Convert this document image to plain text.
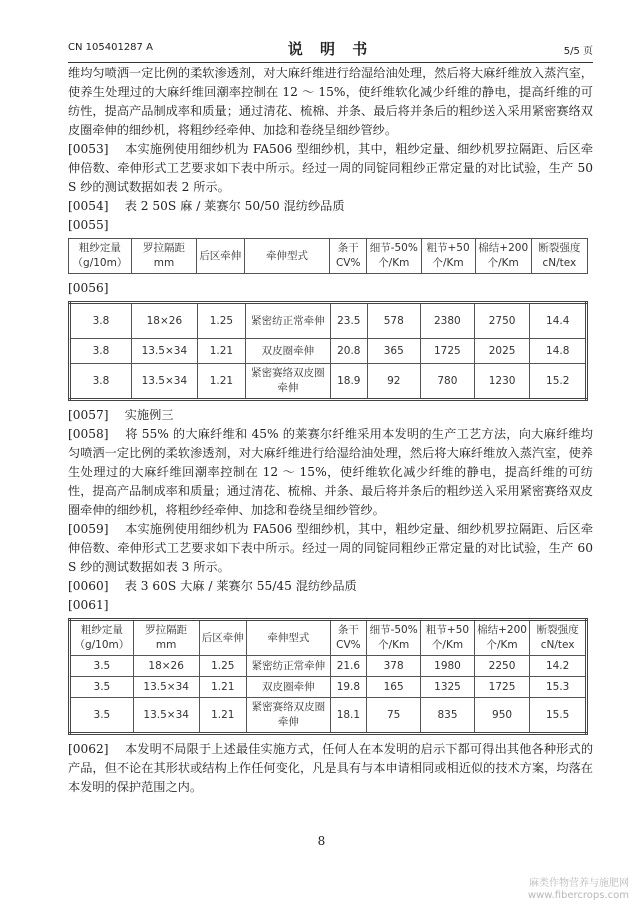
CN 105401287 A	说 明 书	5/5 页

维均匀喷洒一定比例的柔软渗透剂，对大麻纤维进行给湿给油处理，然后将大麻纤维放入蒸汽室，使养生处理过的大麻纤维回潮率控制在 12 ～ 15%，使纤维软化减少纤维的静电，提高纤维的可纺性，提高产品制成率和质量；通过清花、梳棉、并条、最后将并条后的粗纱送入采用紧密赛络双皮圈牵伸的细纱机，将粗纱经牵伸、加捻和卷绕呈细纱管纱。

[0053]　 本实施例使用细纱机为 FA506 型细纱机，其中，粗纱定量、细纱机罗拉隔距、后区牵伸倍数、牵伸形式工艺要求如下表中所示。经过一周的同锭同粗纱正常定量的对比试验，生产 50S 纱的测试数据如表 2 所示。

[0054]　 表 2 50S 麻 / 莱赛尔 50/50 混纺纱品质

[0055]

粗纱定量（g/10m）	罗拉隔距mm	后区牵伸	牵伸型式	条干CV%	细节-50%个/Km	粗节+50个/Km	棉结+200个/Km	断裂强度cN/tex

[0056]

3.8	18×26	1.25	紧密纺正常牵伸	23.5	578	2380	2750	14.4
3.8	13.5×34	1.21	双皮圈牵伸	20.8	365	1725	2025	14.8
3.8	13.5×34	1.21	紧密赛络双皮圈牵伸	18.9	92	780	1230	15.2

[0057]　 实施例三

[0058]　 将 55% 的大麻纤维和 45% 的莱赛尔纤维采用本发明的生产工艺方法，向大麻纤维均匀喷洒一定比例的柔软渗透剂，对大麻纤维进行给湿给油处理，然后将大麻纤维放入蒸汽室，使养生处理过的大麻纤维回潮率控制在 12 ～ 15%，使纤维软化减少纤维的静电，提高纤维的可纺性，提高产品制成率和质量；通过清花、梳棉、并条、最后将并条后的粗纱送入采用紧密赛络双皮圈牵伸的细纱机，将粗纱经牵伸、加捻和卷绕呈细纱管纱。

[0059]　 本实施例使用细纱机为 FA506 型细纱机，其中，粗纱定量、细纱机罗拉隔距、后区牵伸倍数、牵伸形式工艺要求如下表中所示。经过一周的同锭同粗纱正常定量的对比试验，生产 60S 纱的测试数据如表 3 所示。

[0060]　 表 3 60S 大麻 / 莱赛尔 55/45 混纺纱品质

[0061]

粗纱定量（g/10m）	罗拉隔距mm	后区牵伸	牵伸型式	条干CV%	细节-50%个/Km	粗节+50个/Km	棉结+200个/Km	断裂强度cN/tex
3.5	18×26	1.25	紧密纺正常牵伸	21.6	378	1980	2250	14.2
3.5	13.5×34	1.21	双皮圈牵伸	19.8	165	1325	1725	15.3
3.5	13.5×34	1.21	紧密赛络双皮圈牵伸	18.1	75	835	950	15.5

[0062]　 本发明不局限于上述最佳实施方式，任何人在本发明的启示下都可得出其他各种形式的产品，但不论在其形状或结构上作任何变化，凡是具有与本申请相同或相近似的技术方案，均落在本发明的保护范围之内。

8
麻类作物营养与施肥网
www.fibercrops.com
